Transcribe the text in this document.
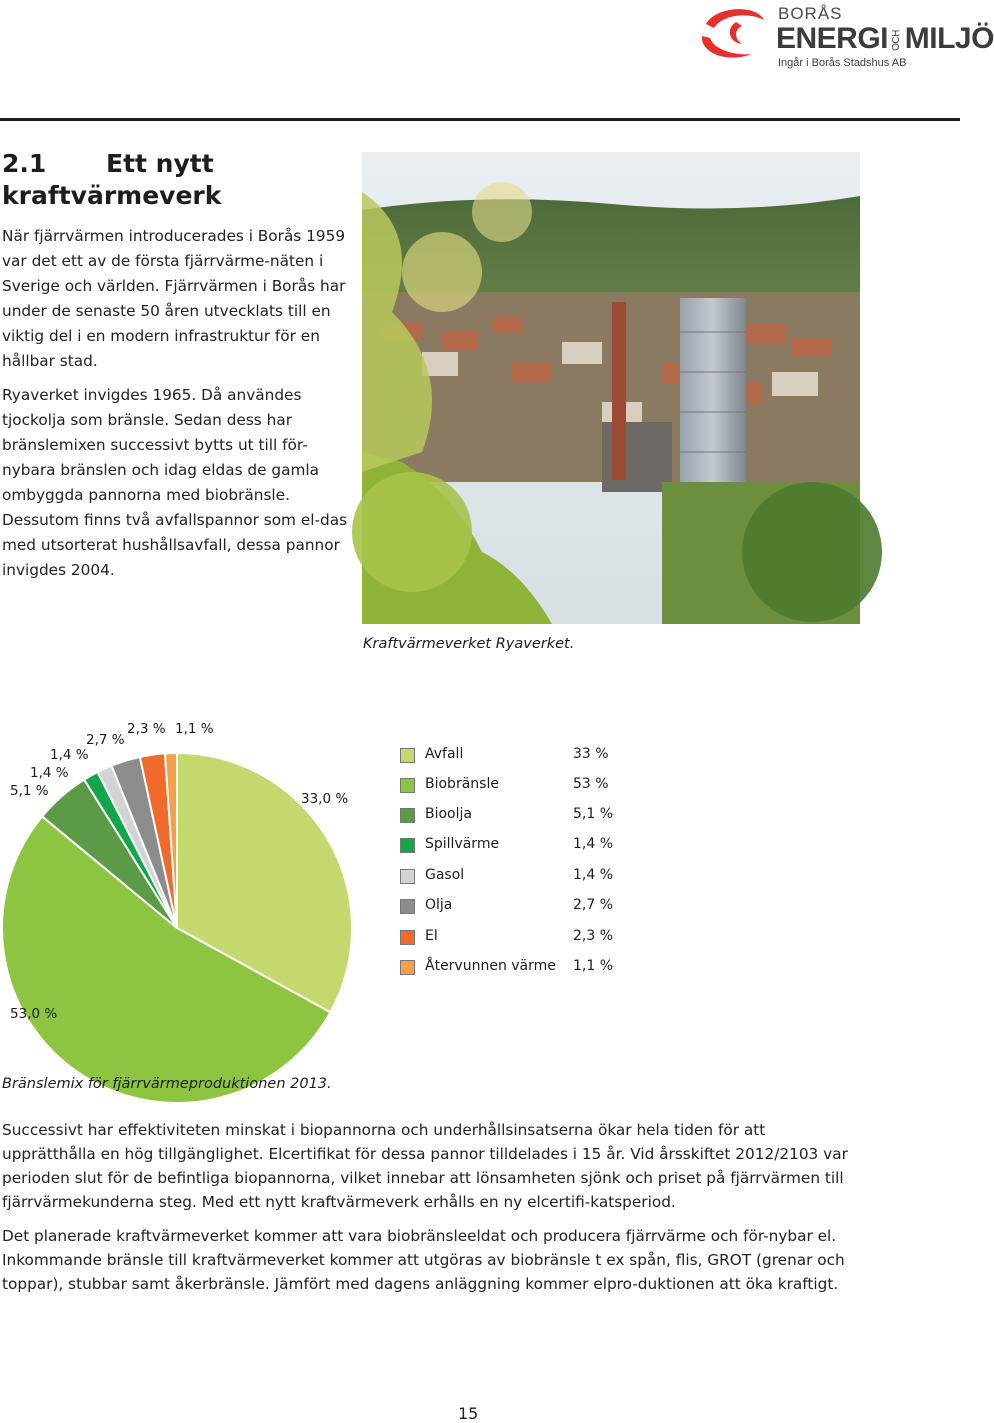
BORÅS
ENERGI OCHMILJÖ
Ingår i Borås Stadshus AB
2.1 Ett nytt
kraftvärmeverk

När fjärrvärmen introducerades i Borås 1959 var det ett av de första fjärrvärme-näten i Sverige och världen. Fjärrvärmen i Borås har under de senaste 50 åren utvecklats till en viktig del i en modern infrastruktur för en hållbar stad.

Ryaverket invigdes 1965. Då användes tjockolja som bränsle. Sedan dess har bränslemixen successivt bytts ut till för-nybara bränslen och idag eldas de gamla ombyggda pannorna med biobränsle. Dessutom finns två avfallspannor som el-das med utsorterat hushållsavfall, dessa pannor invigdes 2004.

Kraftvärmeverket Ryaverket.
33,0 %
53,0 %
5,1 %
1,4 %
1,4 %
2,7 %
2,3 % 1,1 %
Avfall	33 %
Biobränsle	53 %
Bioolja	5,1 %
Spillvärme	1,4 %
Gasol	1,4 %
Olja	2,7 %
El	2,3 %
Återvunnen värme 1,1 %
Bränslemix för fjärrvärmeproduktionen 2013.

Successivt har effektiviteten minskat i biopannorna och underhållsinsatserna ökar hela tiden för att upprätthålla en hög tillgänglighet. Elcertifikat för dessa pannor tilldelades i 15 år. Vid årsskiftet 2012/2103 var perioden slut för de befintliga biopannorna, vilket innebar att lönsamheten sjönk och priset på fjärrvärmen till fjärrvärmekunderna steg. Med ett nytt kraftvärmeverk erhålls en ny elcertifi-katsperiod.

Det planerade kraftvärmeverket kommer att vara biobränsleeldat och producera fjärrvärme och för-nybar el. Inkommande bränsle till kraftvärmeverket kommer att utgöras av biobränsle t ex spån, flis, GROT (grenar och toppar), stubbar samt åkerbränsle. Jämfört med dagens anläggning kommer elpro-duktionen att öka kraftigt.

15
